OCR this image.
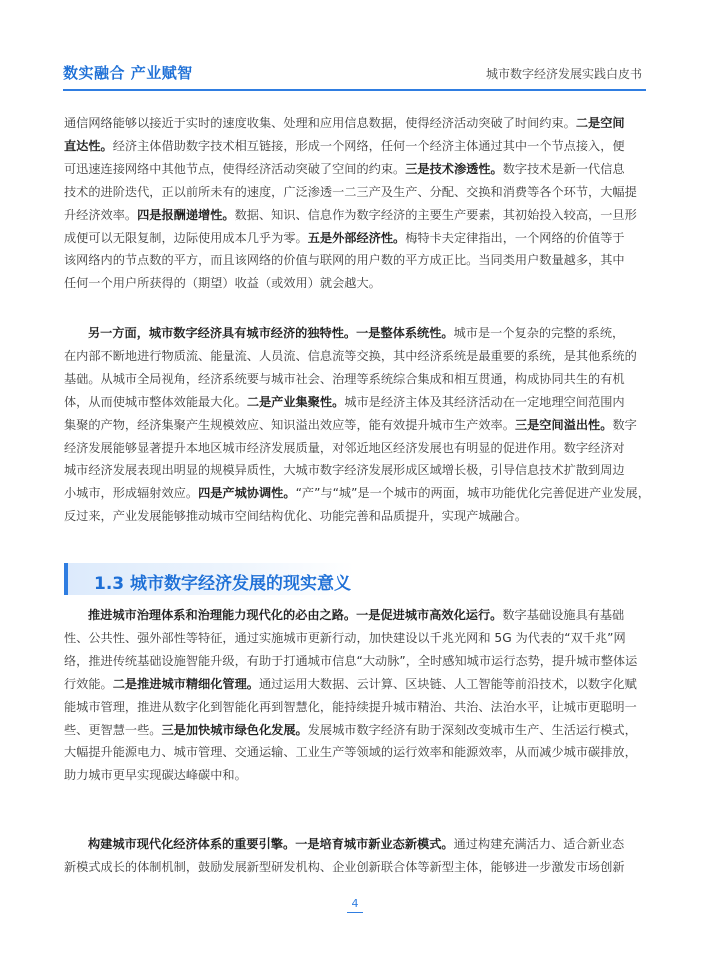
数实融合 产业赋智	城市数字经济发展实践白皮书
通信网络能够以接近于实时的速度收集、处理和应用信息数据，使得经济活动突破了时间约束。二是空间
直达性。经济主体借助数字技术相互链接，形成一个网络，任何一个经济主体通过其中一个节点接入，便
可迅速连接网络中其他节点，使得经济活动突破了空间的约束。三是技术渗透性。数字技术是新一代信息
技术的进阶迭代，正以前所未有的速度，广泛渗透一二三产及生产、分配、交换和消费等各个环节，大幅提
升经济效率。四是报酬递增性。数据、知识、信息作为数字经济的主要生产要素，其初始投入较高，一旦形
成便可以无限复制，边际使用成本几乎为零。五是外部经济性。梅特卡夫定律指出，一个网络的价值等于
该网络内的节点数的平方，而且该网络的价值与联网的用户数的平方成正比。当同类用户数量越多，其中
任何一个用户所获得的（期望）收益（或效用）就会越大。
另一方面，城市数字经济具有城市经济的独特性。一是整体系统性。城市是一个复杂的完整的系统，
在内部不断地进行物质流、能量流、人员流、信息流等交换，其中经济系统是最重要的系统，是其他系统的
基础。从城市全局视角，经济系统要与城市社会、治理等系统综合集成和相互贯通，构成协同共生的有机
体，从而使城市整体效能最大化。二是产业集聚性。城市是经济主体及其经济活动在一定地理空间范围内
集聚的产物，经济集聚产生规模效应、知识溢出效应等，能有效提升城市生产效率。三是空间溢出性。数字
经济发展能够显著提升本地区城市经济发展质量，对邻近地区经济发展也有明显的促进作用。数字经济对
城市经济发展表现出明显的规模异质性，大城市数字经济发展形成区域增长极，引导信息技术扩散到周边
小城市，形成辐射效应。四是产城协调性。“产”与“城”是一个城市的两面，城市功能优化完善促进产业发展，
反过来，产业发展能够推动城市空间结构优化、功能完善和品质提升，实现产城融合。
1.3 城市数字经济发展的现实意义
推进城市治理体系和治理能力现代化的必由之路。一是促进城市高效化运行。数字基础设施具有基础
性、公共性、强外部性等特征，通过实施城市更新行动，加快建设以千兆光网和 5G 为代表的“双千兆”网
络，推进传统基础设施智能升级，有助于打通城市信息“大动脉”，全时感知城市运行态势，提升城市整体运
行效能。二是推进城市精细化管理。通过运用大数据、云计算、区块链、人工智能等前沿技术，以数字化赋
能城市管理，推进从数字化到智能化再到智慧化，能持续提升城市精治、共治、法治水平，让城市更聪明一
些、更智慧一些。三是加快城市绿色化发展。发展城市数字经济有助于深刻改变城市生产、生活运行模式，
大幅提升能源电力、城市管理、交通运输、工业生产等领域的运行效率和能源效率，从而减少城市碳排放，
助力城市更早实现碳达峰碳中和。
构建城市现代化经济体系的重要引擎。一是培育城市新业态新模式。通过构建充满活力、适合新业态
新模式成长的体制机制，鼓励发展新型研发机构、企业创新联合体等新型主体，能够进一步激发市场创新
4
